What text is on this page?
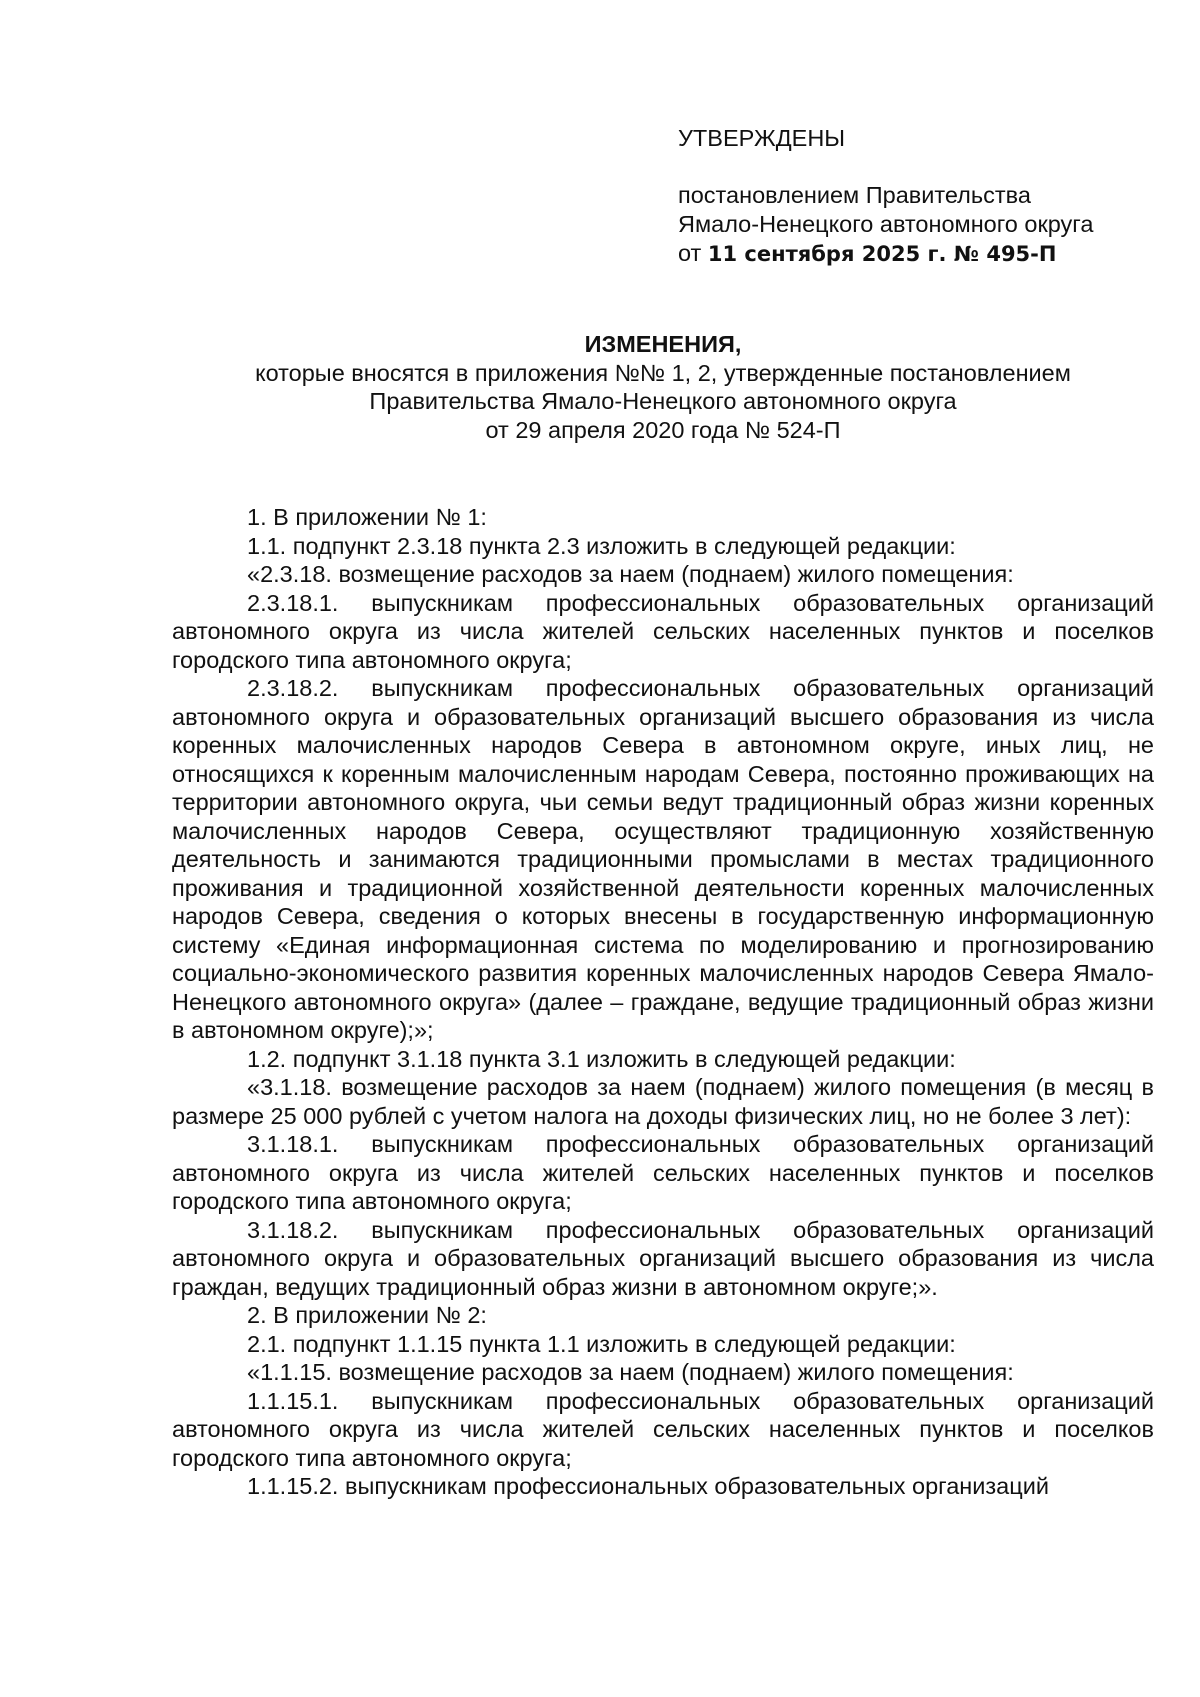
УТВЕРЖДЕНЫ
постановлением Правительства
Ямало-Ненецкого автономного округа
от 11 сентября 2025 г. № 495-П
ИЗМЕНЕНИЯ,
которые вносятся в приложения №№ 1, 2, утвержденные постановлением
Правительства Ямало-Ненецкого автономного округа
от 29 апреля 2020 года № 524-П

1. В приложении № 1:

1.1. подпункт 2.3.18 пункта 2.3 изложить в следующей редакции:

«2.3.18. возмещение расходов за наем (поднаем) жилого помещения:

2.3.18.1. выпускникам профессиональных образовательных организаций автономного округа из числа жителей сельских населенных пунктов и поселков городского типа автономного округа;

2.3.18.2. выпускникам профессиональных образовательных организаций автономного округа и образовательных организаций высшего образования из числа коренных малочисленных народов Севера в автономном округе, иных лиц, не относящихся к коренным малочисленным народам Севера, постоянно проживающих на территории автономного округа, чьи семьи ведут традиционный образ жизни коренных малочисленных народов Севера, осуществляют традиционную хозяйственную деятельность и занимаются традиционными промыслами в местах традиционного проживания и традиционной хозяйственной деятельности коренных малочисленных народов Севера, сведения о которых внесены в государственную информационную систему «Единая информационная система по моделированию и прогнозированию социально-экономического развития коренных малочисленных народов Севера Ямало-Ненецкого автономного округа» (далее – граждане, ведущие традиционный образ жизни в автономном округе);»;

1.2. подпункт 3.1.18 пункта 3.1 изложить в следующей редакции:

«3.1.18. возмещение расходов за наем (поднаем) жилого помещения (в месяц в размере 25 000 рублей с учетом налога на доходы физических лиц, но не более 3 лет):

3.1.18.1. выпускникам профессиональных образовательных организаций автономного округа из числа жителей сельских населенных пунктов и поселков городского типа автономного округа;

3.1.18.2. выпускникам профессиональных образовательных организаций автономного округа и образовательных организаций высшего образования из числа граждан, ведущих традиционный образ жизни в автономном округе;».

2. В приложении № 2:

2.1. подпункт 1.1.15 пункта 1.1 изложить в следующей редакции:

«1.1.15. возмещение расходов за наем (поднаем) жилого помещения:

1.1.15.1. выпускникам профессиональных образовательных организаций автономного округа из числа жителей сельских населенных пунктов и поселков городского типа автономного округа;

1.1.15.2. выпускникам профессиональных образовательных организаций
